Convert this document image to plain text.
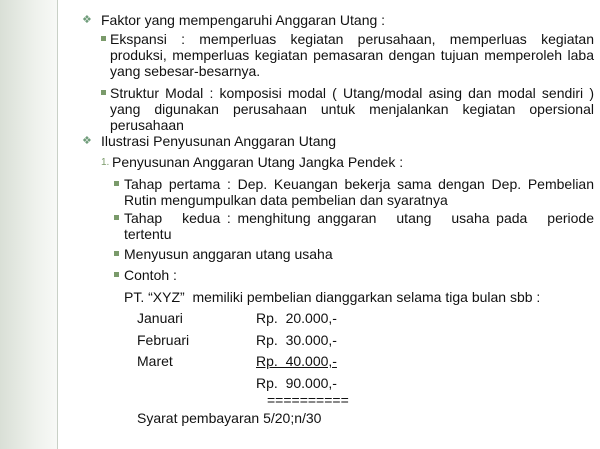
❖ Faktor yang mempengaruhi Anggaran Utang :
Ekspansi : memperluas kegiatan perusahaan, memperluas kegiatan
produksi, memperluas kegiatan pemasaran dengan tujuan memperoleh laba
yang sebesar-besarnya.
Struktur Modal : komposisi modal ( Utang/modal asing dan modal sendiri )
yang digunakan perusahaan untuk menjalankan kegiatan opersional
perusahaan
❖ Ilustrasi Penyusunan Anggaran Utang
1. Penyusunan Anggaran Utang Jangka Pendek :
Tahap pertama : Dep. Keuangan bekerja sama dengan Dep. Pembelian
Rutin mengumpulkan data pembelian dan syaratnya
Tahap   kedua : menghitung anggaran   utang   usaha pada   periode
tertentu
Menyusun anggaran utang usaha
Contoh :
PT. “XYZ”  memiliki pembelian dianggarkan selama tiga bulan sbb :
Januari	Rp.  20.000,-
Februari	Rp.  30.000,-
Maret	Rp.  40.000,-
Rp.  90.000,-
==========
Syarat pembayaran 5/20;n/30
